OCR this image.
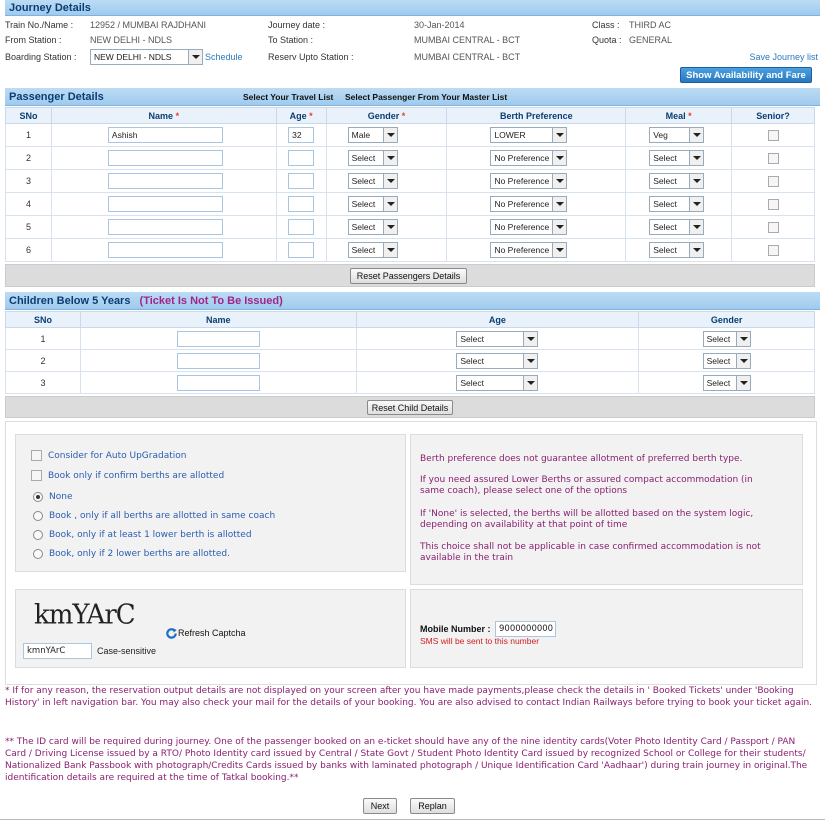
Journey Details
Train No./Name : 12952 / MUMBAI RAJDHANI	Journey date :	30-Jan-2014	Class : THIRD AC
From Station :	NEW DELHI - NDLS	To Station :	MUMBAI CENTRAL - BCT	Quota : GENERAL
Boarding Station : NEW DELHI - NDLS	Schedule	Reserv Upto Station :	MUMBAI CENTRAL - BCT	Save Journey list
Show Availability and Fare
Passenger Details	Select Your Travel List Select Passenger From Your Master List
SNo	Name *	Age *	Gender *	Berth Preference	Meal *	Senior?
1	Ashish	32	Male	LOWER	Veg

2			Select	No Preference	Select

3			Select	No Preference	Select

4			Select	No Preference	Select

5			Select	No Preference	Select

6			Select	No Preference	Select

Reset Passengers Details
Children Below 5 Years (Ticket Is Not To Be Issued)
SNo	Name	Age	Gender
1		Select	Select

2		Select	Select

3		Select	Select
Reset Child Details
Consider for Auto UpGradation
Book only if confirm berths are allotted
None
Book , only if all berths are allotted in same coach
Book, only if at least 1 lower berth is allotted
Book, only if 2 lower berths are allotted.
Berth preference does not guarantee allotment of preferred berth type.
If you need assured Lower Berths or assured compact accommodation (in same coach), please select one of the options
If 'None' is selected, the berths will be allotted based on the system logic, depending on availability at that point of time
This choice shall not be applicable in case confirmed accommodation is not available in the train
kmYArC
Refresh Captcha
kmnYArC	Case-sensitive
Mobile Number : 9000000000
SMS will be sent to this number
* If for any reason, the reservation output details are not displayed on your screen after you have made payments,please check the details in ' Booked Tickets' under 'Booking History' in left navigation bar. You may also check your mail for the details of your booking. You are also advised to contact Indian Railways before trying to book your ticket again.
** The ID card will be required during journey. One of the passenger booked on an e-ticket should have any of the nine identity cards(Voter Photo Identity Card / Passport / PAN Card / Driving License issued by a RTO/ Photo Identity card issued by Central / State Govt / Student Photo Identity Card issued by recognized School or College for their students/ Nationalized Bank Passbook with photograph/Credits Cards issued by banks with laminated photograph / Unique Identification Card 'Aadhaar') during train journey in original.The identification details are required at the time of Tatkal booking.**
Next	Replan
